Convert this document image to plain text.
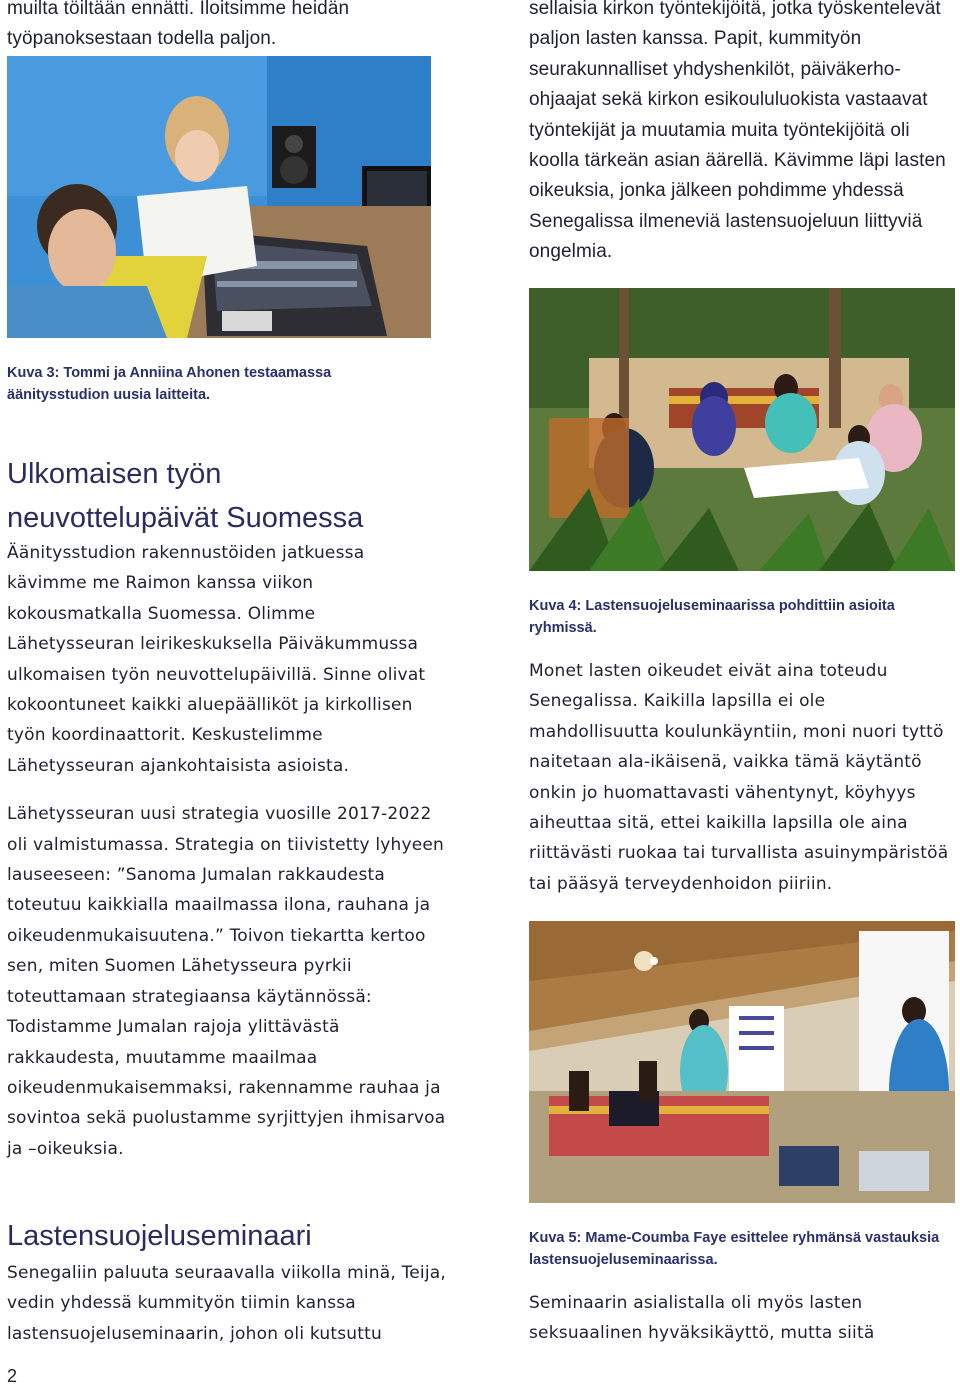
muilta töiltään ennätti. Iloitsimme heidän työpanoksestaan todella paljon.

Kuva 3: Tommi ja Anniina Ahonen testaamassa äänitysstudion uusia laitteita.
Ulkomaisen työn
neuvottelupäivät Suomessa

Äänitysstudion rakennustöiden jatkuessa kävimme me Raimon kanssa viikon kokousmatkalla Suomessa. Olimme Lähetysseuran leirikeskuksella Päiväkummussa ulkomaisen työn neuvottelupäivillä. Sinne olivat kokoontuneet kaikki aluepäälliköt ja kirkollisen työn koordinaattorit. Keskustelimme Lähetysseuran ajankohtaisista asioista.

Lähetysseuran uusi strategia vuosille 2017-2022 oli valmistumassa. Strategia on tiivistetty lyhyeen lauseeseen: ”Sanoma Jumalan rakkaudesta toteutuu kaikkialla maailmassa ilona, rauhana ja oikeudenmukaisuutena.” Toivon tiekartta kertoo sen, miten Suomen Lähetysseura pyrkii toteuttamaan strategiaansa käytännössä: Todistamme Jumalan rajoja ylittävästä rakkaudesta, muutamme maailmaa oikeudenmukaisemmaksi, rakennamme rauhaa ja sovintoa sekä puolustamme syrjittyjen ihmisarvoa ja –oikeuksia.

Lastensuojeluseminaari

Senegaliin paluuta seuraavalla viikolla minä, Teija, vedin yhdessä kummityön tiimin kanssa lastensuojeluseminaarin, johon oli kutsuttu

sellaisia kirkon työntekijöitä, jotka työskentelevät paljon lasten kanssa. Papit, kummityön seurakunnalliset yhdyshenkilöt, päiväkerho-ohjaajat sekä kirkon esikoululuokista vastaavat työntekijät ja muutamia muita työntekijöitä oli koolla tärkeän asian äärellä. Kävimme läpi lasten oikeuksia, jonka jälkeen pohdimme yhdessä Senegalissa ilmeneviä lastensuojeluun liittyviä ongelmia.

Kuva 4: Lastensuojeluseminaarissa pohdittiin asioita ryhmissä.

Monet lasten oikeudet eivät aina toteudu Senegalissa. Kaikilla lapsilla ei ole mahdollisuutta koulunkäyntiin, moni nuori tyttö naitetaan ala-ikäisenä, vaikka tämä käytäntö onkin jo huomattavasti vähentynyt, köyhyys aiheuttaa sitä, ettei kaikilla lapsilla ole aina riittävästi ruokaa tai turvallista asuinympäristöä tai pääsyä terveydenhoidon piiriin.

Kuva 5: Mame-Coumba Faye esittelee ryhmänsä vastauksia lastensuojeluseminaarissa.

Seminaarin asialistalla oli myös lasten seksuaalinen hyväksikäyttö, mutta siitä

2
